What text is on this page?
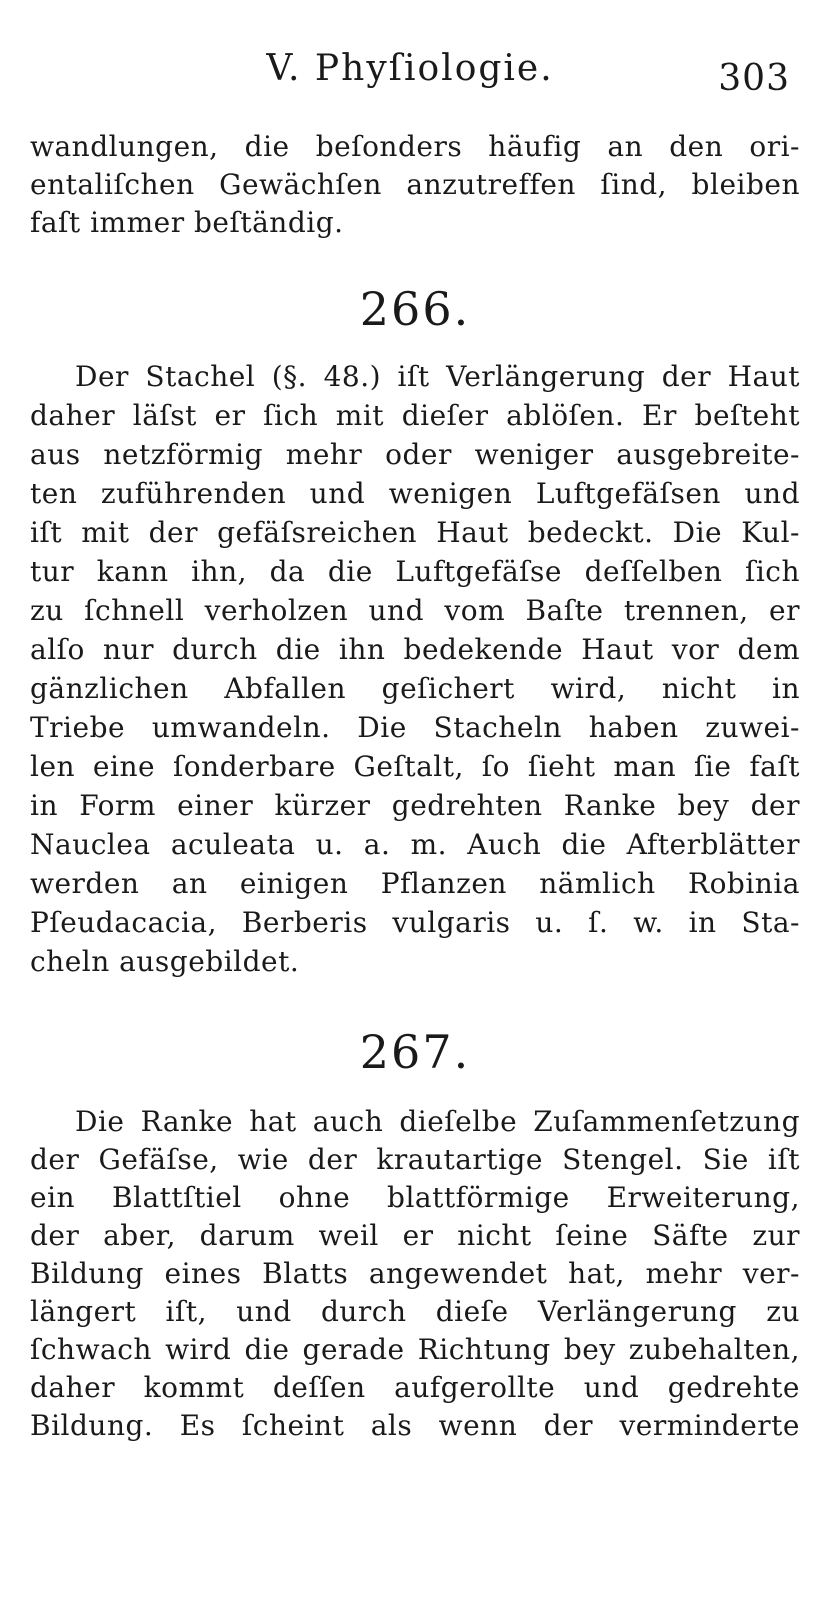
V. Phyſiologie.	303
wandlungen, die beſonders häufig an den ori-
entaliſchen Gewächſen anzutreffen ſind, bleiben
faſt immer beſtändig.
266.
Der Stachel (§. 48.) iſt Verlängerung der Haut
daher läſst er ſich mit dieſer ablöſen. Er beſteht
aus netzförmig mehr oder weniger ausgebreite-
ten zuführenden und wenigen Luftgefäſsen und
iſt mit der gefäſsreichen Haut bedeckt. Die Kul-
tur kann ihn, da die Luftgefäſse deſſelben ſich
zu ſchnell verholzen und vom Baſte trennen, er
alſo nur durch die ihn bedekende Haut vor dem
gänzlichen Abfallen geſichert wird, nicht in
Triebe umwandeln. Die Stacheln haben zuwei-
len eine ſonderbare Geſtalt, ſo ſieht man ſie faſt
in Form einer kürzer gedrehten Ranke bey der
Nauclea aculeata u. a. m. Auch die Afterblätter
werden an einigen Pflanzen nämlich Robinia
Pſeudacacia, Berberis vulgaris u. ſ. w. in Sta-
cheln ausgebildet.
267.
Die Ranke hat auch dieſelbe Zuſammenſetzung
der Gefäſse, wie der krautartige Stengel. Sie iſt
ein Blattſtiel ohne blattförmige Erweiterung,
der aber, darum weil er nicht ſeine Säfte zur
Bildung eines Blatts angewendet hat, mehr ver-
längert iſt, und durch dieſe Verlängerung zu
ſchwach wird die gerade Richtung bey zubehalten,
daher kommt deſſen aufgerollte und gedrehte
Bildung. Es ſcheint als wenn der verminderte
